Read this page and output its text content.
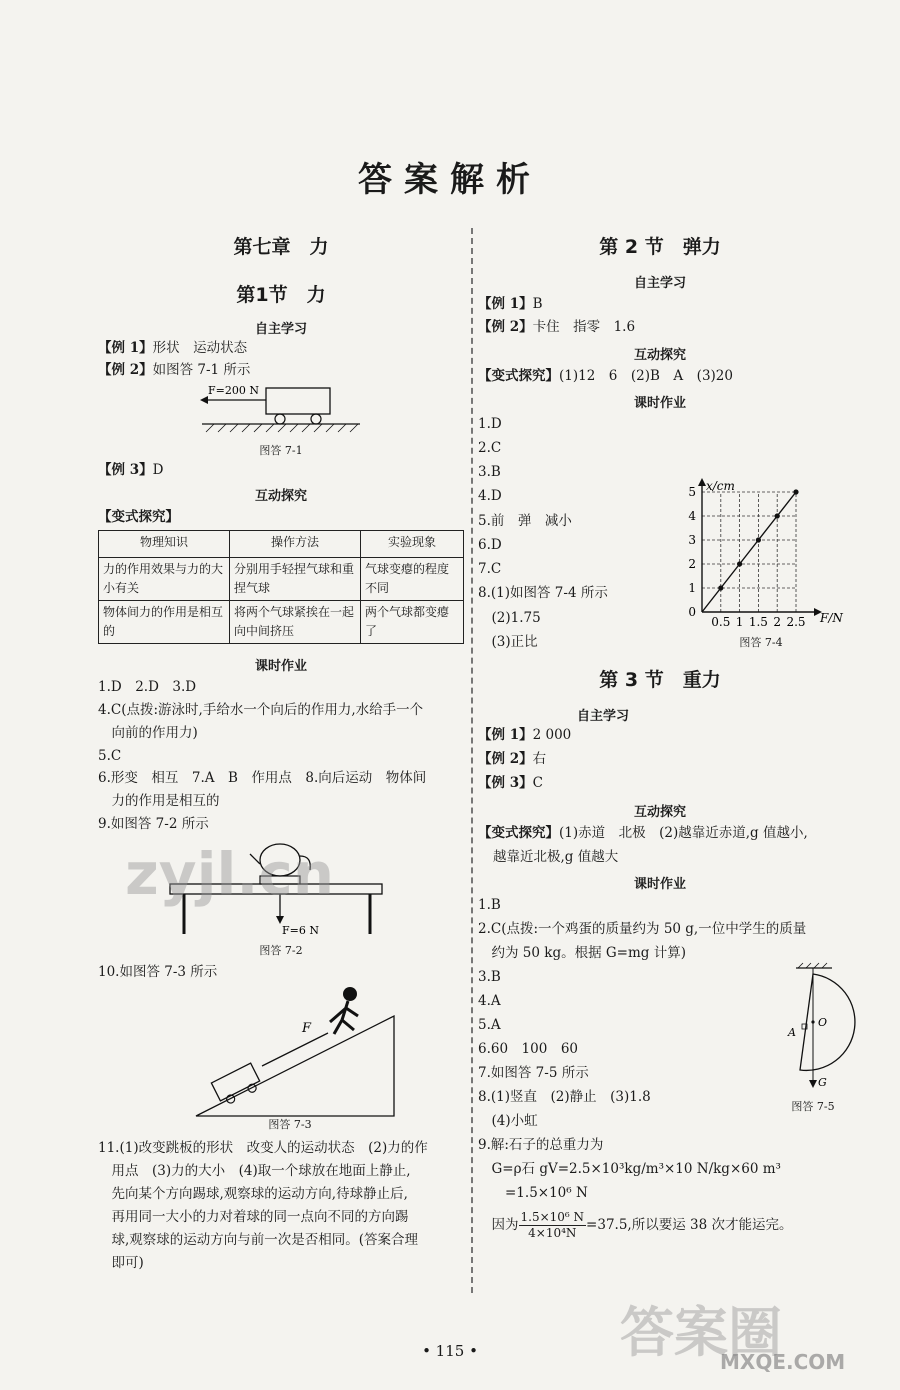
答案解析
第七章　力
第1节　力
自主学习
【例 1】形状　运动状态
【例 2】如图答 7-1 所示
F=200 N
图答 7-1
【例 3】D
互动探究
【变式探究】
物理知识	操作方法	实验现象
力的作用效果与力的大小有关	分别用手轻捏气球和重捏气球	气球变瘪的程度不同
物体间力的作用是相互的	将两个气球紧挨在一起向中间挤压	两个气球都变瘪了
课时作业
1.D　2.D　3.D
4.C(点拨:游泳时,手给水一个向后的作用力,水给手一个
　向前的作用力)
5.C
6.形变　相互　7.A　B　作用点　8.向后运动　物体间
　力的作用是相互的
9.如图答 7-2 所示
F=6 N
图答 7-2
10.如图答 7-3 所示
F
图答 7-3
11.(1)改变跳板的形状　改变人的运动状态　(2)力的作
　用点　(3)力的大小　(4)取一个球放在地面上静止,
　先向某个方向踢球,观察球的运动方向,待球静止后,
　再用同一大小的力对着球的同一点向不同的方向踢
　球,观察球的运动方向与前一次是否相同。(答案合理
　即可)
第 2 节　弹力
自主学习
【例 1】B
【例 2】卡住　指零　1.6
互动探究
【变式探究】(1)12　6　(2)B　A　(3)20
课时作业
1.D
2.C
3.B
4.D
5.前　弹　减小
6.D
7.C
8.(1)如图答 7-4 所示
　(2)1.75
　(3)正比
x/cm
F/N
0.5 1 1.5 2 2.5
0
1
2
3
4
5
图答 7-4
第 3 节　重力
自主学习
【例 1】2 000
【例 2】右
【例 3】C
互动探究
【变式探究】(1)赤道　北极　(2)越靠近赤道,g 值越小,
越靠近北极,g 值越大
课时作业
1.B
2.C(点拨:一个鸡蛋的质量约为 50 g,一位中学生的质量
　约为 50 kg。根据 G=mg 计算)
3.B
4.A
5.A
6.60　100　60
7.如图答 7-5 所示
8.(1)竖直　(2)静止　(3)1.8
　(4)小虹
9.解:石子的总重力为
　G=ρ石 gV=2.5×10³kg/m³×10 N/kg×60 m³
　　=1.5×10⁶ N
　因为 $\frac{\text{1.5×10⁶ N}}{\text{4×10⁴N}} =37.5$,所以要运 38 次才能运完。
O
A
G
图答 7-5
• 115 •
zyjl.cn
答案圈
MXQE.COM
